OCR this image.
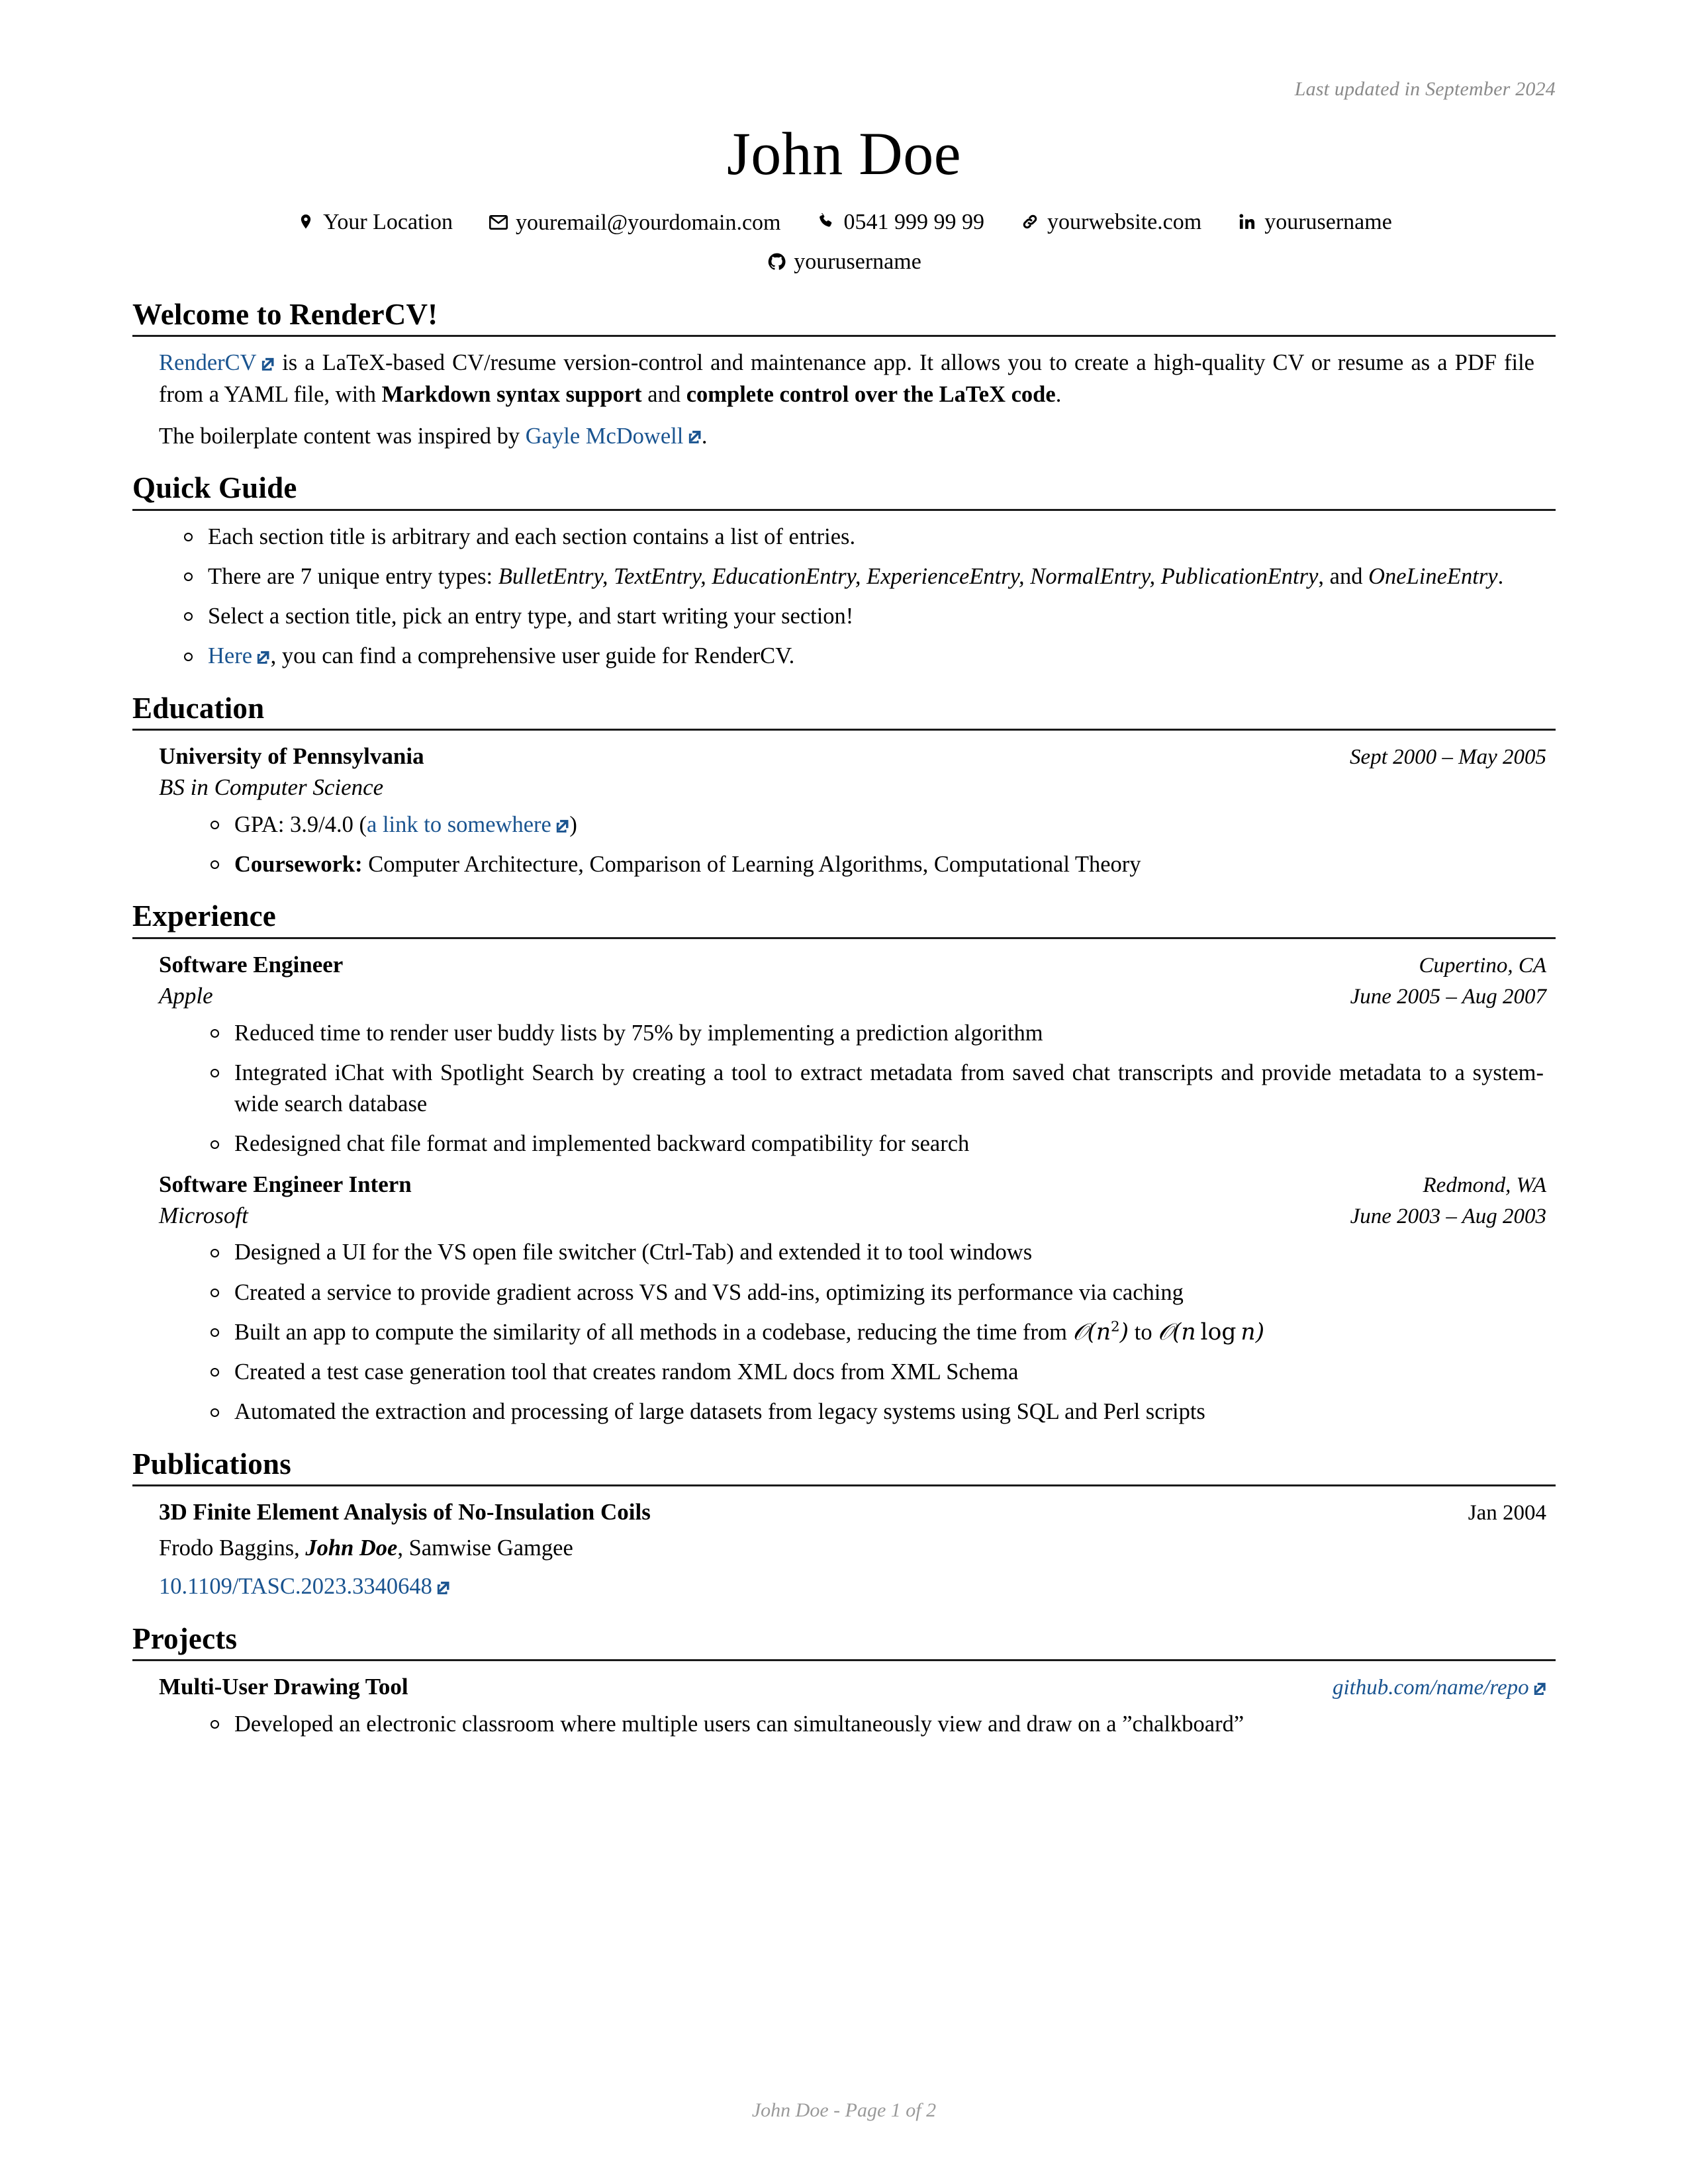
Last updated in September 2024
John Doe
Your Location	youremail@yourdomain.com	0541 999 99 99	yourwebsite.com	yourusername
yourusername
Welcome to RenderCV!

RenderCV
is a LaTeX-based CV/resume version-control and maintenance app. It allows you to create a high-quality CV or resume as a PDF file from a YAML file, with Markdown syntax support and complete control over the LaTeX code.

The boilerplate content was inspired by Gayle McDowell .

Quick Guide
Each section title is arbitrary and each section contains a list of entries.
There are 7 unique entry types: BulletEntry, TextEntry, EducationEntry, ExperienceEntry, NormalEntry, PublicationEntry, and OneLineEntry.
Select a section title, pick an entry type, and start writing your section!
Here , you can find a comprehensive user guide for RenderCV.
Education
University of Pennsylvania	Sept 2000 – May 2005
BS in Computer Science
GPA: 3.9/4.0 (a link to somewhere )
Coursework: Computer Architecture, Comparison of Learning Algorithms, Computational Theory
Experience
Software Engineer	Cupertino, CA
Apple	June 2005 – Aug 2007
Reduced time to render user buddy lists by 75% by implementing a prediction algorithm
Integrated iChat with Spotlight Search by creating a tool to extract metadata from saved chat transcripts and provide metadata to a system-wide search database
Redesigned chat file format and implemented backward compatibility for search
Software Engineer Intern	Redmond, WA
Microsoft	June 2003 – Aug 2003
Designed a UI for the VS open file switcher (Ctrl-Tab) and extended it to tool windows
Created a service to provide gradient across VS and VS add-ins, optimizing its performance via caching
Built an app to compute the similarity of all methods in a codebase, reducing the time from $𝒪(n^2)$ to 𝒪(n  log  n)
Created a test case generation tool that creates random XML docs from XML Schema
Automated the extraction and processing of large datasets from legacy systems using SQL and Perl scripts
Publications
3D Finite Element Analysis of No-Insulation Coils	Jan 2004
Frodo Baggins, John Doe, Samwise Gamgee
10.1109/TASC.2023.3340648
Projects
Multi-User Drawing Tool	github.com/name/repo
Developed an electronic classroom where multiple users can simultaneously view and draw on a ”chalkboard”
John Doe - Page 1 of 2
